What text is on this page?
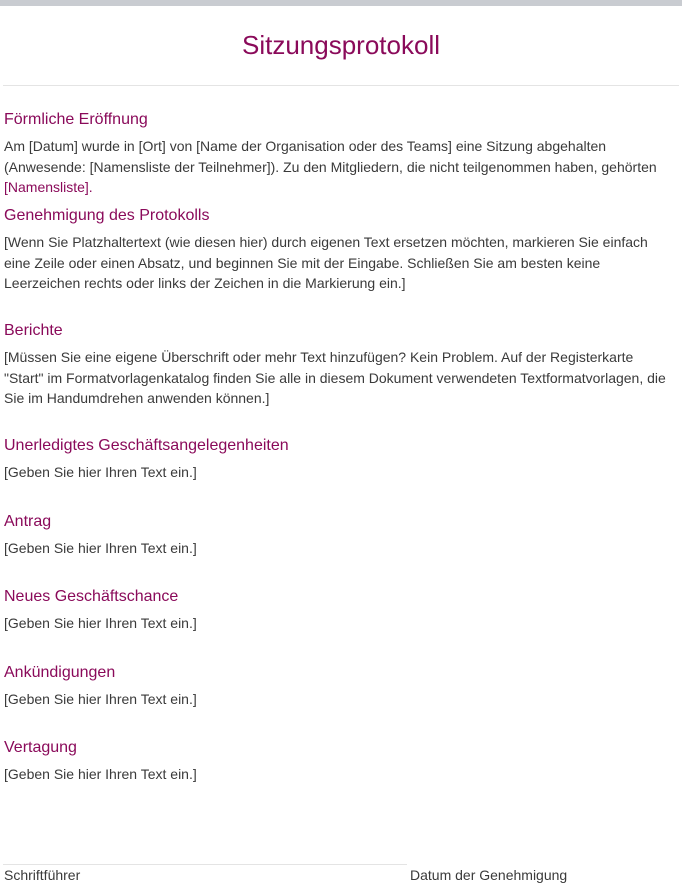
Sitzungsprotokoll
Förmliche Eröffnung

Am [Datum] wurde in [Ort] von [Name der Organisation oder des Teams] eine Sitzung abgehalten (Anwesende: [Namensliste der Teilnehmer]). Zu den Mitgliedern, die nicht teilgenommen haben, gehörten [Namensliste].

Genehmigung des Protokolls

[Wenn Sie Platzhaltertext (wie diesen hier) durch eigenen Text ersetzen möchten, markieren Sie einfach eine Zeile oder einen Absatz, und beginnen Sie mit der Eingabe. Schließen Sie am besten keine Leerzeichen rechts oder links der Zeichen in die Markierung ein.]

Berichte

[Müssen Sie eine eigene Überschrift oder mehr Text hinzufügen? Kein Problem. Auf der Registerkarte "Start" im Formatvorlagenkatalog finden Sie alle in diesem Dokument verwendeten Textformatvorlagen, die Sie im Handumdrehen anwenden können.]

Unerledigtes Geschäftsangelegenheiten

[Geben Sie hier Ihren Text ein.]

Antrag

[Geben Sie hier Ihren Text ein.]

Neues Geschäftschance

[Geben Sie hier Ihren Text ein.]

Ankündigungen

[Geben Sie hier Ihren Text ein.]

Vertagung

[Geben Sie hier Ihren Text ein.]

Schriftführer	Datum der Genehmigung
